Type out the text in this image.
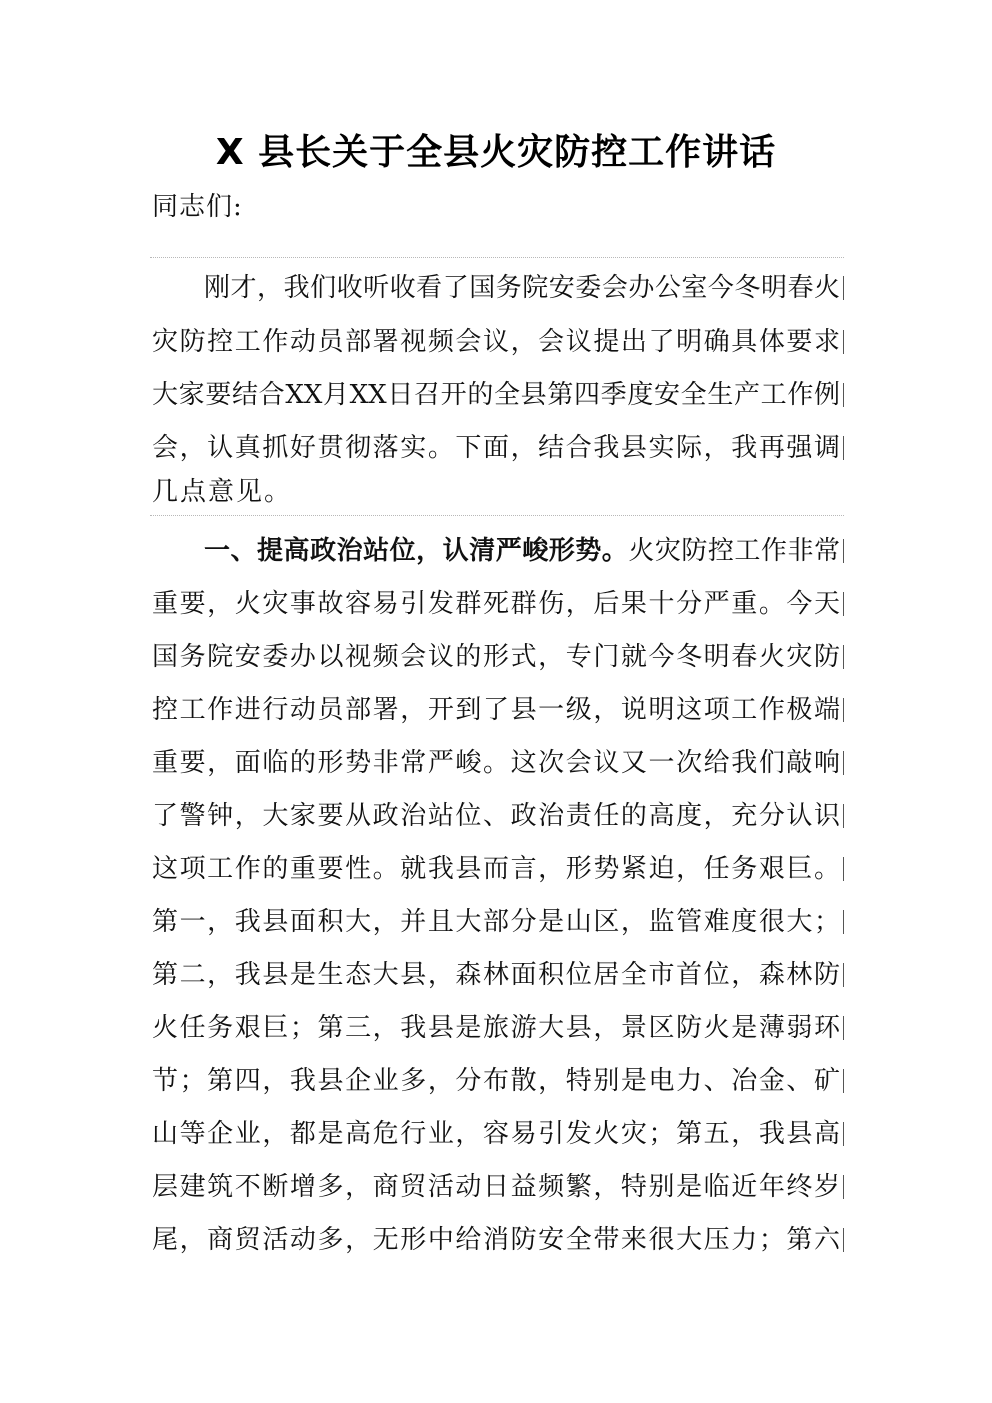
X 县长关于全县火灾防控工作讲话
同志们:
刚才，我们收听收看了国务院安委会办公室今冬明春火
灾防控工作动员部署视频会议，会议提出了明确具体要求
大家要结合XX月XX日召开的全县第四季度安全生产工作例
会，认真抓好贯彻落实。下面，结合我县实际，我再强调
几点意见。
一、提高政治站位，认清严峻形势。火灾防控工作非常
重要，火灾事故容易引发群死群伤，后果十分严重。今天
国务院安委办以视频会议的形式，专门就今冬明春火灾防
控工作进行动员部署，开到了县一级，说明这项工作极端
重要，面临的形势非常严峻。这次会议又一次给我们敲响
了警钟，大家要从政治站位、政治责任的高度，充分认识
这项工作的重要性。就我县而言，形势紧迫，任务艰巨。
第一，我县面积大，并且大部分是山区，监管难度很大；
第二，我县是生态大县，森林面积位居全市首位，森林防
火任务艰巨；第三，我县是旅游大县，景区防火是薄弱环
节；第四，我县企业多，分布散，特别是电力、冶金、矿
山等企业，都是高危行业，容易引发火灾；第五，我县高
层建筑不断增多，商贸活动日益频繁，特别是临近年终岁
尾，商贸活动多，无形中给消防安全带来很大压力；第六
